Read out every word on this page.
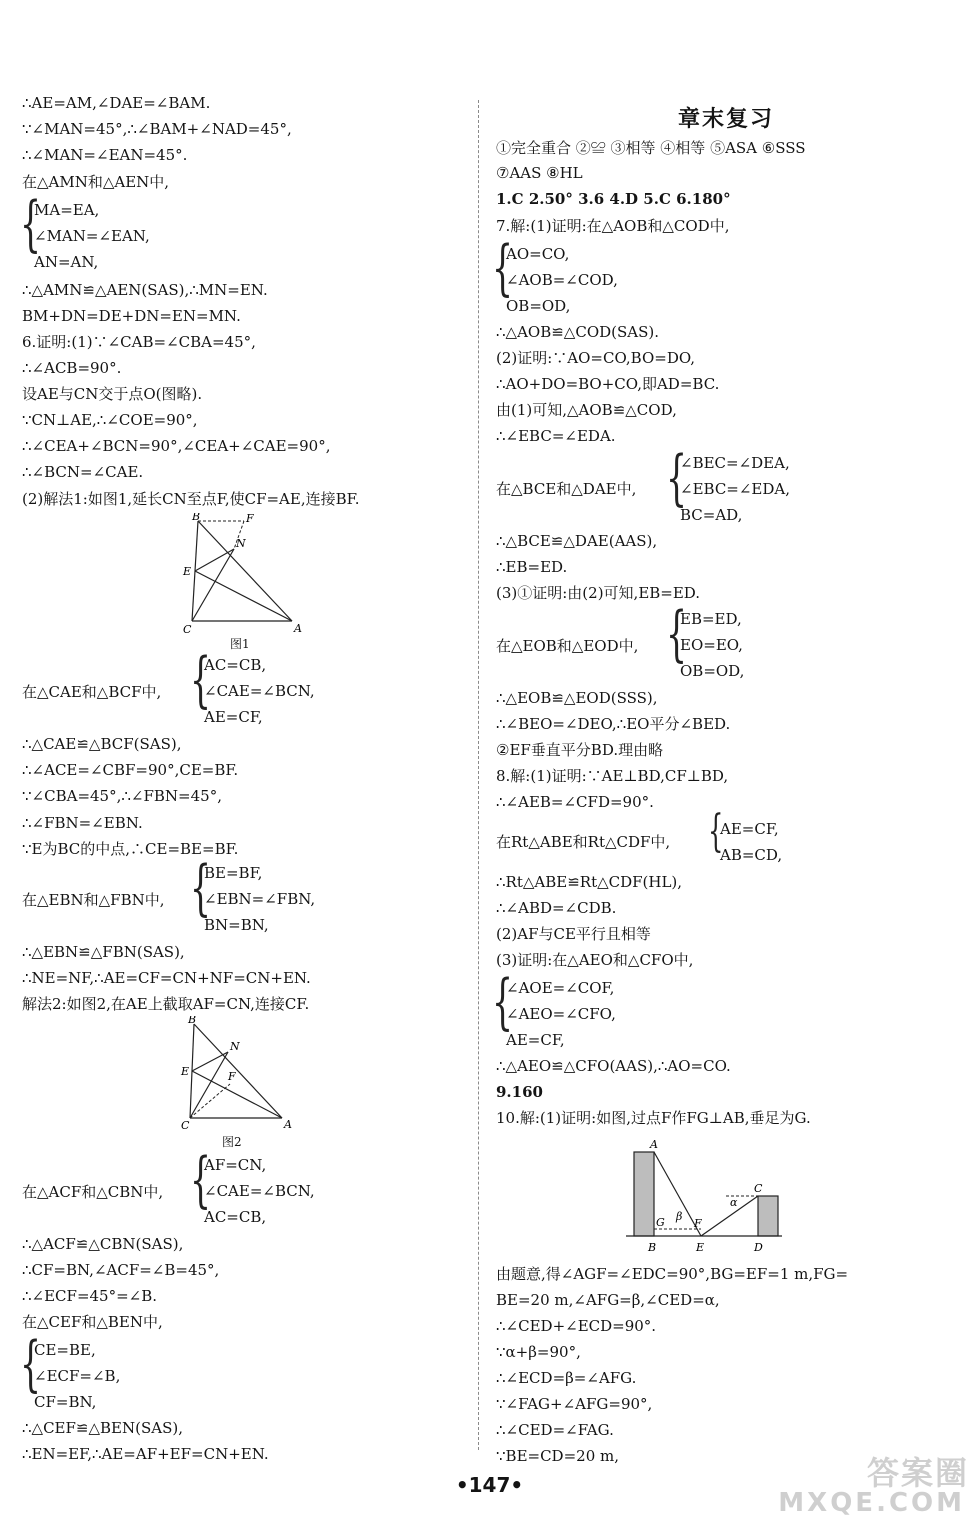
∴AE=AM,∠DAE=∠BAM.
∵∠MAN=45°,∴∠BAM+∠NAD=45°,
∴∠MAN=∠EAN=45°.
在△AMN和△AEN中,
{
MA=EA,
∠MAN=∠EAN,
AN=AN,
∴△AMN≌△AEN(SAS),∴MN=EN.
BM+DN=DE+DN=EN=MN.
6.证明:(1)∵∠CAB=∠CBA=45°,
∴∠ACB=90°.
设AE与CN交于点O(图略).
∵CN⊥AE,∴∠COE=90°,
∴∠CEA+∠BCN=90°,∠CEA+∠CAE=90°,
∴∠BCN=∠CAE.
(2)解法1:如图1,延长CN至点F,使CF=AE,连接BF.
B	F
N
E
C	A
图1
在△CAE和△BCF中, {
AC=CB,
∠CAE=∠BCN,
AE=CF,
∴△CAE≌△BCF(SAS),
∴∠ACE=∠CBF=90°,CE=BF.
∵∠CBA=45°,∴∠FBN=45°,
∴∠FBN=∠EBN.
∵E为BC的中点,∴CE=BE=BF.
在△EBN和△FBN中, {
BE=BF,
∠EBN=∠FBN,
BN=BN,
∴△EBN≌△FBN(SAS),
∴NE=NF,∴AE=CF=CN+NF=CN+EN.
解法2:如图2,在AE上截取AF=CN,连接CF.
B
N
E	F
C	A
图2
在△ACF和△CBN中, {
AF=CN,
∠CAE=∠BCN,
AC=CB,
∴△ACF≌△CBN(SAS),
∴CF=BN,∠ACF=∠B=45°,
∴∠ECF=45°=∠B.
在△CEF和△BEN中,
{
CE=BE,
∠ECF=∠B,
CF=BN,
∴△CEF≌△BEN(SAS),
∴EN=EF,∴AE=AF+EF=CN+EN.
章末复习
①完全重合 ②≌ ③相等 ④相等 ⑤ASA ⑥SSS
⑦AAS ⑧HL
1.C 2.50° 3.6 4.D 5.C 6.180°
7.解:(1)证明:在△AOB和△COD中,
{
AO=CO,
∠AOB=∠COD,
OB=OD,
∴△AOB≌△COD(SAS).
(2)证明:∵AO=CO,BO=DO,
∴AO+DO=BO+CO,即AD=BC.
由(1)可知,△AOB≌△COD,
∴∠EBC=∠EDA.
在△BCE和△DAE中, {
∠BEC=∠DEA,
∠EBC=∠EDA,
BC=AD,
∴△BCE≌△DAE(AAS),
∴EB=ED.
(3)①证明:由(2)可知,EB=ED.
在△EOB和△EOD中, {
EB=ED,
EO=EO,
OB=OD,
∴△EOB≌△EOD(SSS),
∴∠BEO=∠DEO,∴EO平分∠BED.
②EF垂直平分BD.理由略
8.解:(1)证明:∵AE⊥BD,CF⊥BD,
∴∠AEB=∠CFD=90°.
在Rt△ABE和Rt△CDF中, {
AE=CF,
AB=CD,
∴Rt△ABE≌Rt△CDF(HL),
∴∠ABD=∠CDB.
(2)AF与CE平行且相等
(3)证明:在△AEO和△CFO中,
{
∠AOE=∠COF,
∠AEO=∠CFO,
AE=CF,
∴△AEO≌△CFO(AAS),∴AO=CO.
9.160
10.解:(1)证明:如图,过点F作FG⊥AB,垂足为G.
A
C
G β
α
F
B	E	D
由题意,得∠AGF=∠EDC=90°,BG=EF=1 m,FG=
BE=20 m,∠AFG=β,∠CED=α,
∴∠CED+∠ECD=90°.
∵α+β=90°,
∴∠ECD=β=∠AFG.
∵∠FAG+∠AFG=90°,
∴∠CED=∠FAG.
∵BE=CD=20 m,
•147•	答案圈
MXQE.COM
